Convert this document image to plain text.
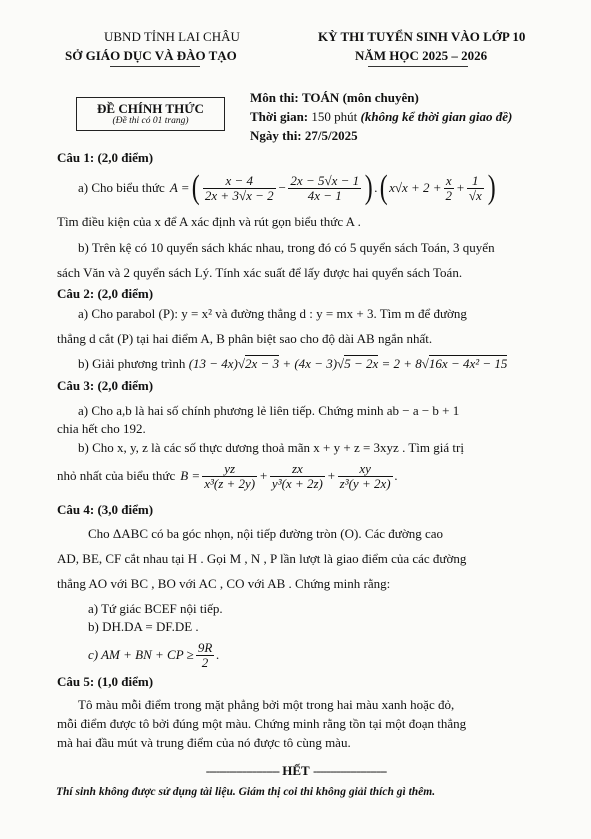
UBND TỈNH LAI CHÂU
SỞ GIÁO DỤC VÀ ĐÀO TẠO
KỲ THI TUYỂN SINH VÀO LỚP 10
NĂM HỌC 2025 – 2026
ĐỀ CHÍNH THỨC
(Đề thi có 01 trang)
Môn thi: TOÁN (môn chuyên)
Thời gian: 150 phút (không kể thời gian giao đề)
Ngày thi: 27/5/2025
Câu 1: (2,0 điểm)
a) Cho biểu thức A = ( $\frac{x - 4}{2x + 3√x - 2} - \frac{2x - 5√x - 1}{4x - 1}$ ) . ( $x√x + 2 + \frac{x}{2} + \frac{1}{√x}$ )
Tìm điều kiện của x để A xác định và rút gọn biểu thức A .
b) Trên kệ có 10 quyển sách khác nhau, trong đó có 5 quyển sách Toán, 3 quyển
sách Văn và 2 quyển sách Lý. Tính xác suất để lấy được hai quyển sách Toán.
Câu 2: (2,0 điểm)
a) Cho parabol (P): y = x² và đường thẳng d : y = mx + 3. Tìm m để đường
thẳng d cắt (P) tại hai điểm A, B phân biệt sao cho độ dài AB ngắn nhất.
b) Giải phương trình (13 − 4x)√2x − 3 + (4x − 3)√5 − 2x = 2 + 8√16x − 4x² − 15
Câu 3: (2,0 điểm)
a) Cho a,b là hai số chính phương lẻ liên tiếp. Chứng minh ab − a − b + 1
chia hết cho 192.
b) Cho x, y, z là các số thực dương thoả mãn x + y + z = 3xyz . Tìm giá trị
nhỏ nhất của biểu thức $B = \frac{yz}{\text{x³(z + 2y)}} + \frac{zx}{\text{y³(x + 2z)}} + \frac{xy}{\text{z³(y + 2x)}}$ .
Câu 4: (3,0 điểm)
Cho ΔABC có ba góc nhọn, nội tiếp đường tròn (O). Các đường cao
AD, BE, CF cắt nhau tại H . Gọi M , N , P lần lượt là giao điểm của các đường
thẳng AO với BC , BO với AC , CO với AB . Chứng minh rằng:
a) Tứ giác BCEF nội tiếp.
b) DH.DA = DF.DE .
c) AM + BN + CP ≥ $\frac{9R}{2}$ .
Câu 5: (1,0 điểm)
Tô màu mỗi điểm trong mặt phẳng bởi một trong hai màu xanh hoặc đỏ,
mỗi điểm được tô bởi đúng một màu. Chứng minh rằng tồn tại một đoạn thẳng
mà hai đầu mút và trung điểm của nó được tô cùng màu.
---------------------- HẾT ----------------------
Thí sinh không được sử dụng tài liệu. Giám thị coi thi không giải thích gì thêm.
